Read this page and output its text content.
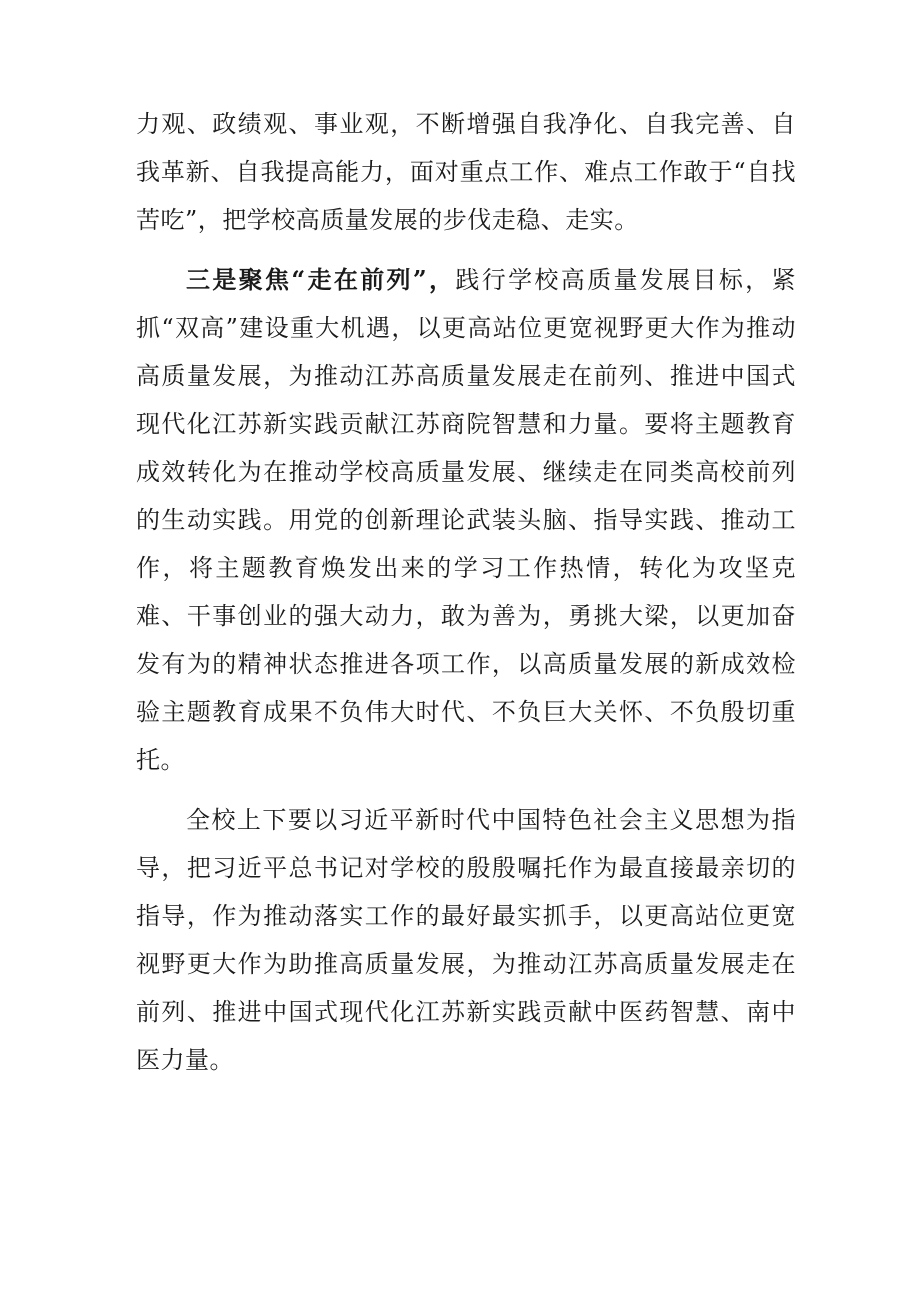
力观、政绩观、事业观，不断增强自我净化、自我完善、自我革新、自我提高能力，面对重点工作、难点工作敢于“自找苦吃”，把学校高质量发展的步伐走稳、走实。

三是聚焦“走在前列”，践行学校高质量发展目标，紧抓“双高”建设重大机遇，以更高站位更宽视野更大作为推动高质量发展，为推动江苏高质量发展走在前列、推进中国式现代化江苏新实践贡献江苏商院智慧和力量。要将主题教育成效转化为在推动学校高质量发展、继续走在同类高校前列的生动实践。用党的创新理论武装头脑、指导实践、推动工作，将主题教育焕发出来的学习工作热情，转化为攻坚克难、干事创业的强大动力，敢为善为，勇挑大梁，以更加奋发有为的精神状态推进各项工作，以高质量发展的新成效检验主题教育成果不负伟大时代、不负巨大关怀、不负殷切重托。

全校上下要以习近平新时代中国特色社会主义思想为指导，把习近平总书记对学校的殷殷嘱托作为最直接最亲切的指导，作为推动落实工作的最好最实抓手，以更高站位更宽视野更大作为助推高质量发展，为推动江苏高质量发展走在前列、推进中国式现代化江苏新实践贡献中医药智慧、南中医力量。
